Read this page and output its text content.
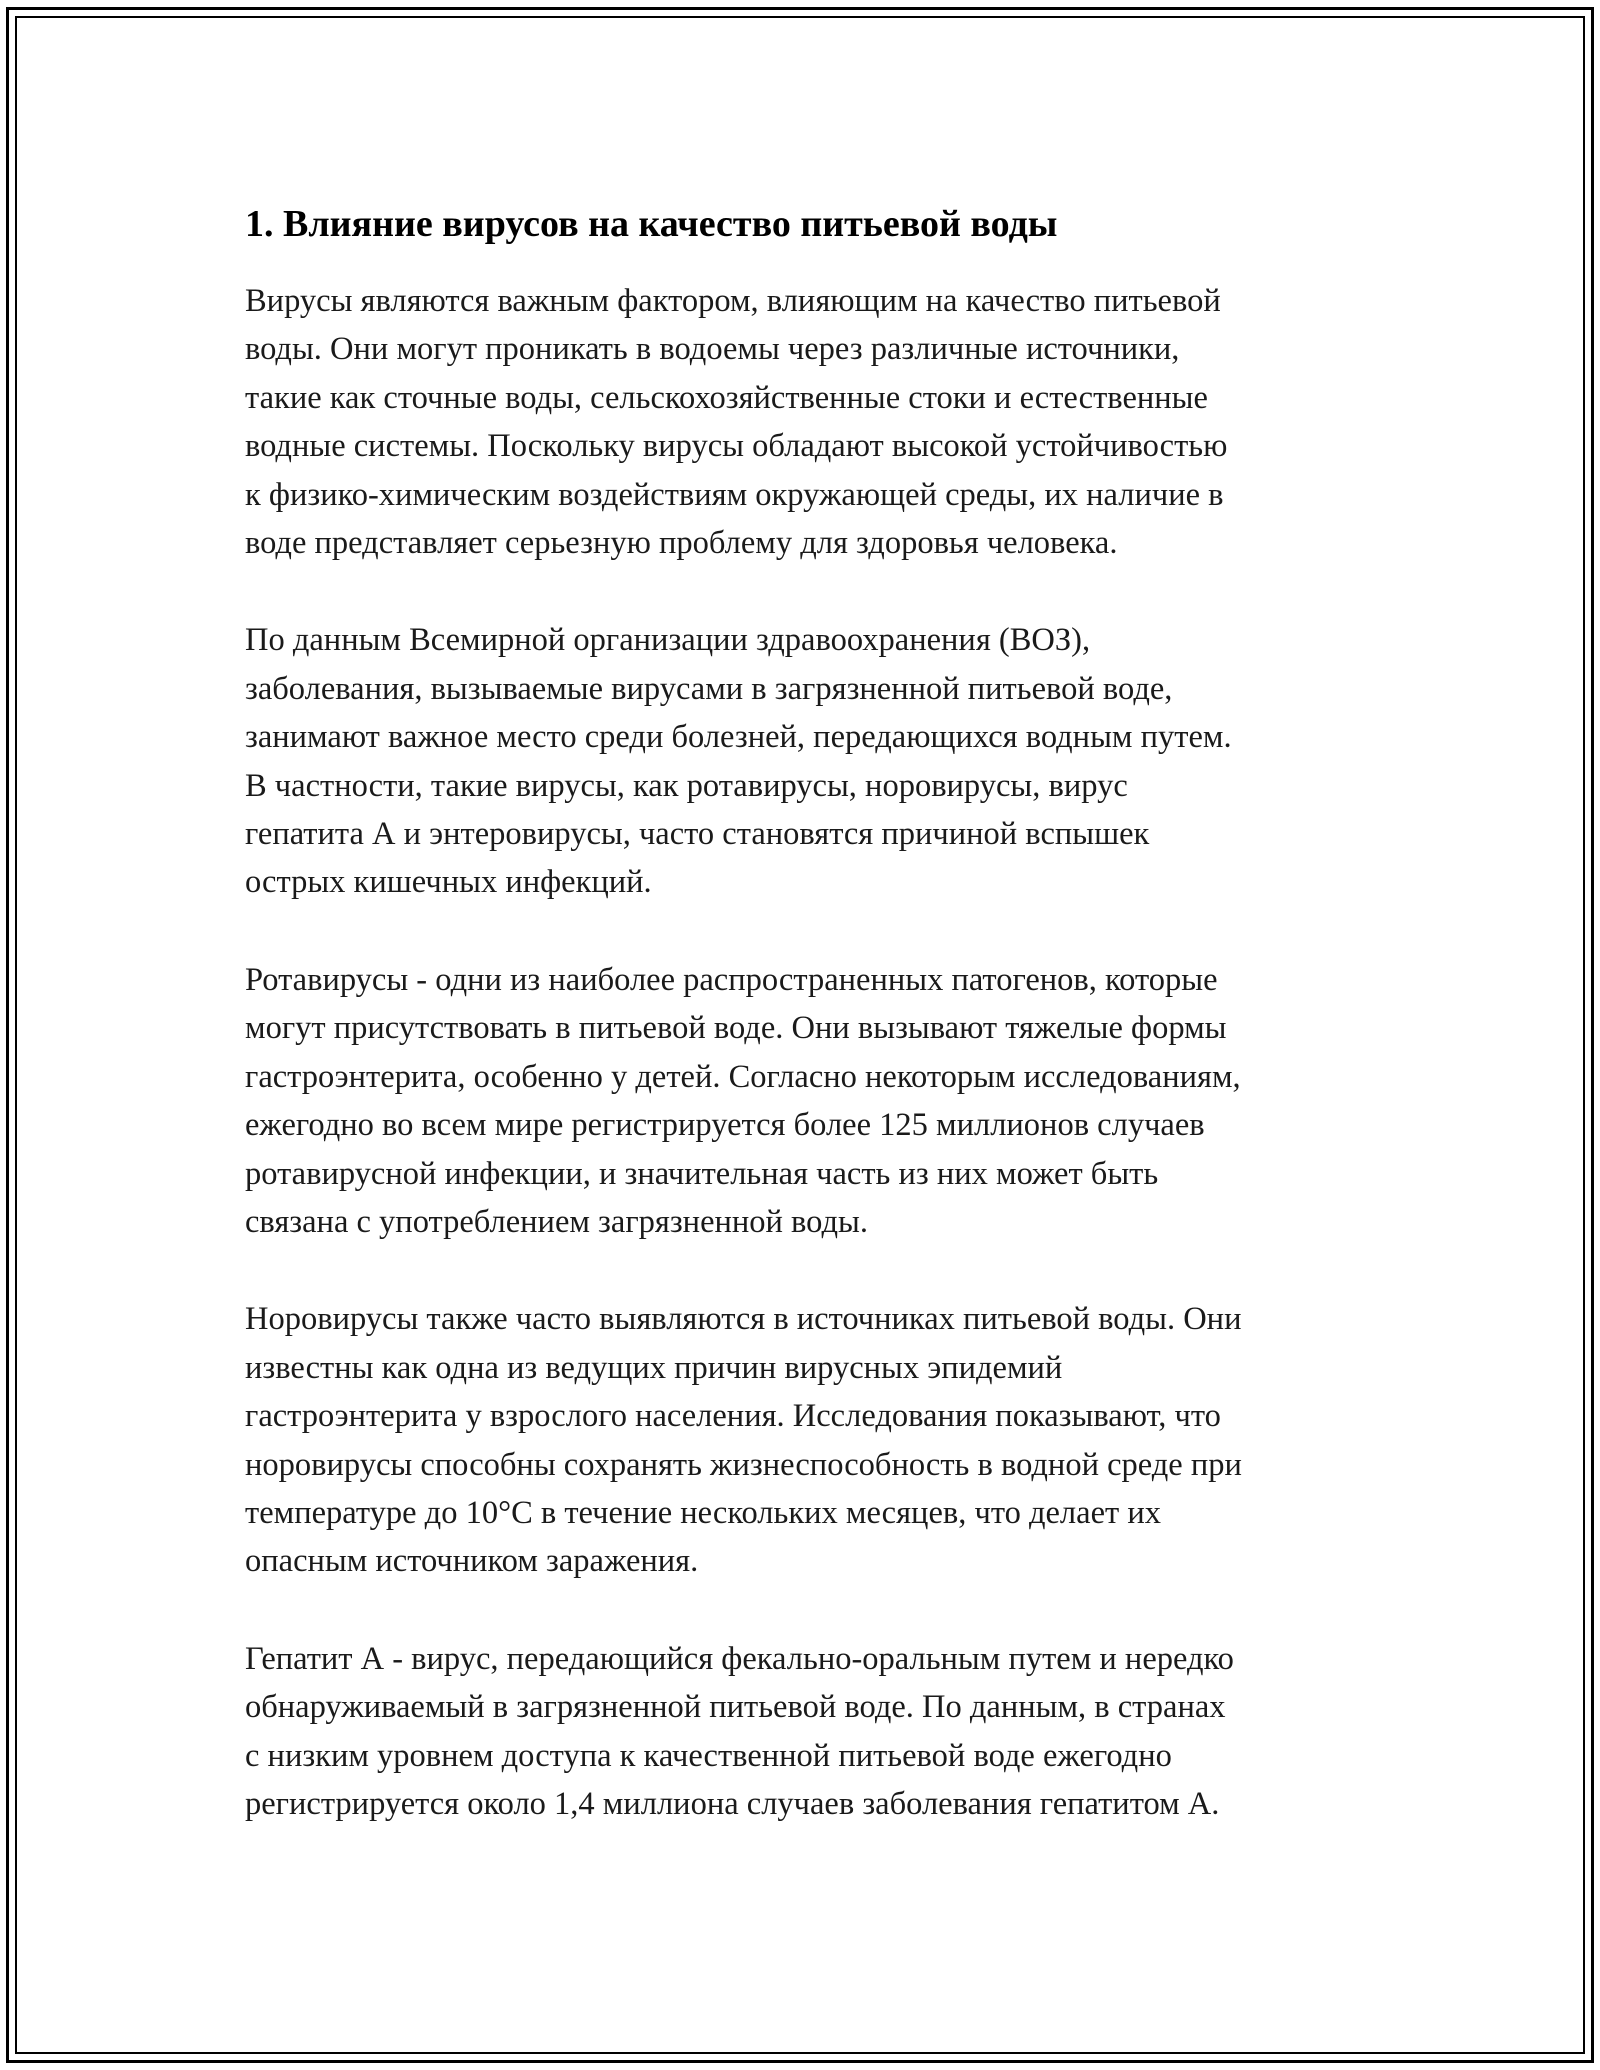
1. Влияние вирусов на качество питьевой воды

Вирусы являются важным фактором, влияющим на качество питьевой
воды. Они могут проникать в водоемы через различные источники,
такие как сточные воды, сельскохозяйственные стоки и естественные
водные системы. Поскольку вирусы обладают высокой устойчивостью
к физико-химическим воздействиям окружающей среды, их наличие в
воде представляет серьезную проблему для здоровья человека.

По данным Всемирной организации здравоохранения (ВОЗ),
заболевания, вызываемые вирусами в загрязненной питьевой воде,
занимают важное место среди болезней, передающихся водным путем.
В частности, такие вирусы, как ротавирусы, норовирусы, вирус
гепатита А и энтеровирусы, часто становятся причиной вспышек
острых кишечных инфекций.

Ротавирусы - одни из наиболее распространенных патогенов, которые
могут присутствовать в питьевой воде. Они вызывают тяжелые формы
гастроэнтерита, особенно у детей. Согласно некоторым исследованиям,
ежегодно во всем мире регистрируется более 125 миллионов случаев
ротавирусной инфекции, и значительная часть из них может быть
связана с употреблением загрязненной воды.

Норовирусы также часто выявляются в источниках питьевой воды. Они
известны как одна из ведущих причин вирусных эпидемий
гастроэнтерита у взрослого населения. Исследования показывают, что
норовирусы способны сохранять жизнеспособность в водной среде при
температуре до 10°C в течение нескольких месяцев, что делает их
опасным источником заражения.

Гепатит А - вирус, передающийся фекально-оральным путем и нередко
обнаруживаемый в загрязненной питьевой воде. По данным, в странах
с низким уровнем доступа к качественной питьевой воде ежегодно
регистрируется около 1,4 миллиона случаев заболевания гепатитом А.
